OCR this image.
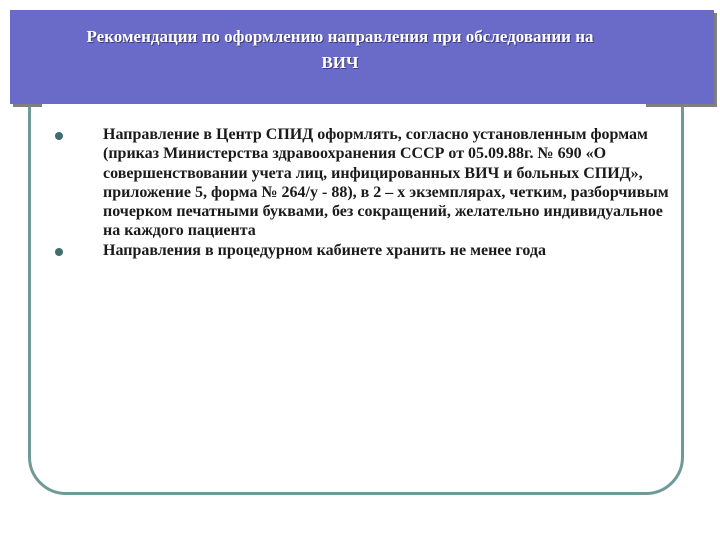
Рекомендации по оформлению направления при обследовании на
ВИЧ
Направление в Центр СПИД оформлять, согласно установленным формам (приказ Министерства здравоохранения СССР от 05.09.88г. № 690 «О совершенствовании учета лиц, инфицированных ВИЧ и больных СПИД», приложение 5, форма № 264/у - 88), в 2 – х экземплярах, четким, разборчивым почерком печатными буквами, без сокращений, желательно индивидуальное на каждого пациента
Направления в процедурном кабинете хранить не менее года
